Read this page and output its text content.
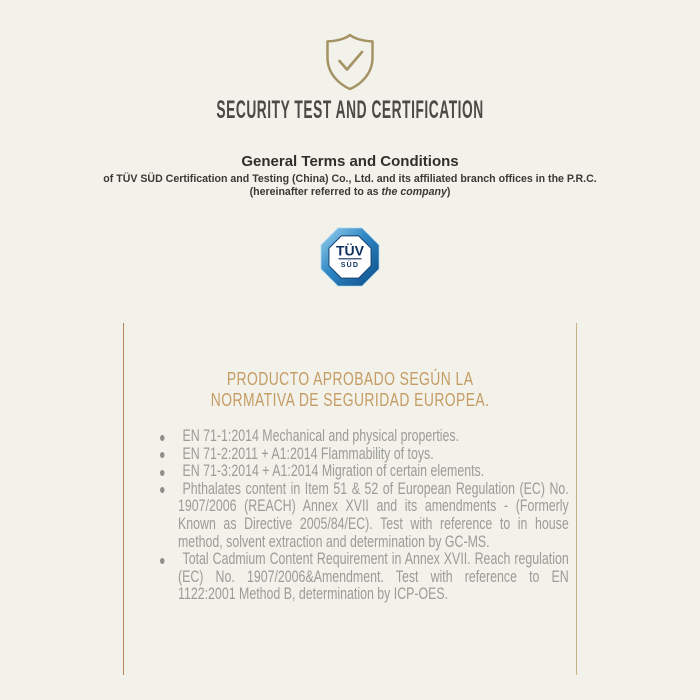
SECURITY TEST AND CERTIFICATION
General Terms and Conditions
of TÜV SÜD Certification and Testing (China) Co., Ltd. and its affiliated branch offices in the P.R.C.
(hereinafter referred to as the company)
TÜV
SÜD
PRODUCTO APROBADO SEGÚN LA
NORMATIVA DE SEGURIDAD EUROPEA.
EN 71-1:2014 Mechanical and physical properties.
EN 71-2:2011 + A1:2014 Flammability of toys.
EN 71-3:2014 + A1:2014 Migration of certain elements.
Phthalates content in Item 51 & 52 of European Regulation (EC) No. 1907/2006 (REACH) Annex XVII and its amendments - (Formerly Known as Directive 2005/84/EC). Test with reference to in house method, solvent extraction and determination by GC-MS.
Total Cadmium Content Requirement in Annex XVII. Reach regulation (EC) No. 1907/2006&Amendment. Test with reference to EN 1122:2001 Method B, determination by ICP-OES.
